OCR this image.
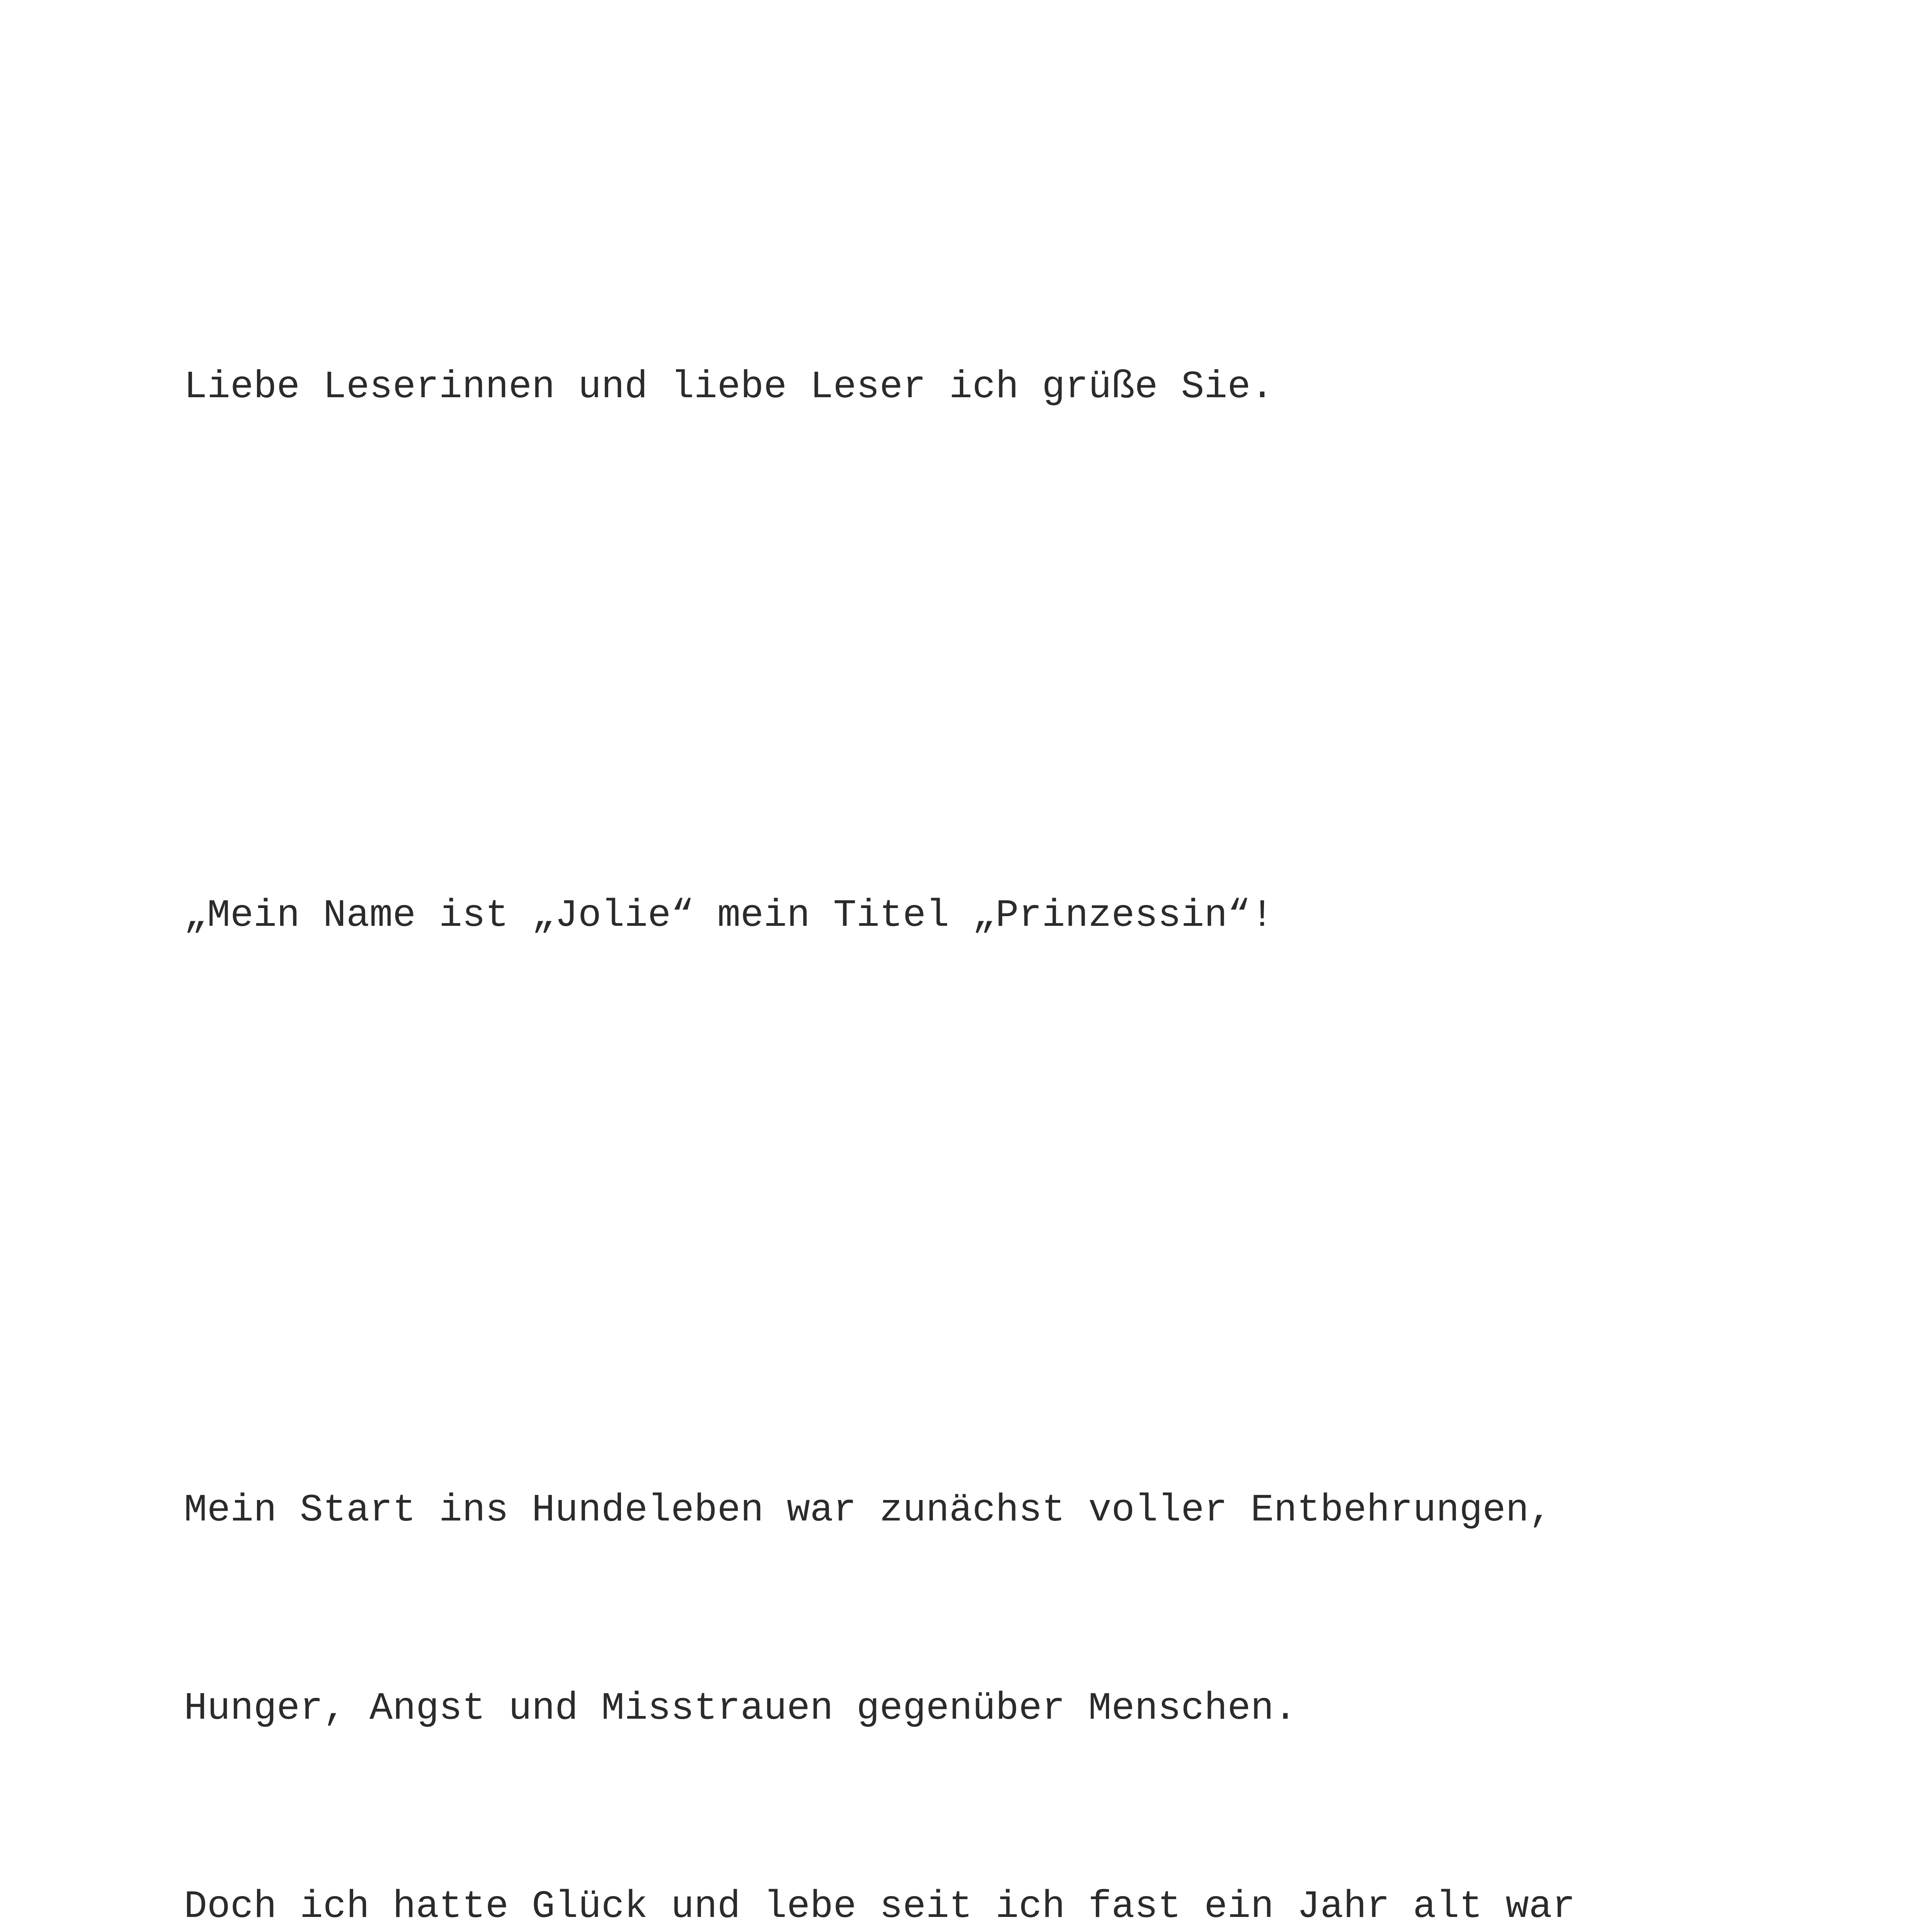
Liebe Leserinnen und liebe Leser ich grüße Sie.

„Mein Name ist „Jolie“ mein Titel „Prinzessin“!

Mein Start ins Hundeleben war zunächst voller Entbehrungen,

Hunger, Angst und Misstrauen gegenüber Menschen.

Doch ich hatte Glück und lebe seit ich fast ein Jahr alt war
